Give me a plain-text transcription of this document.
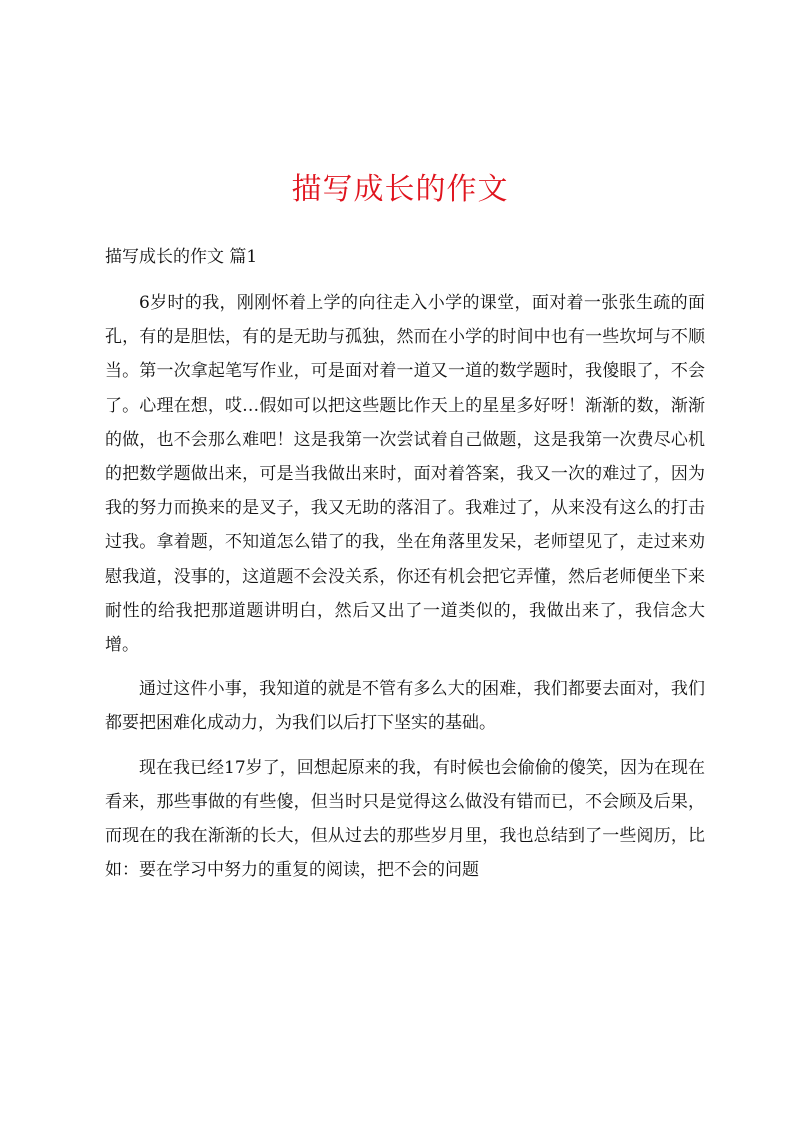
描写成长的作文
描写成长的作文 篇1

6岁时的我，刚刚怀着上学的向往走入小学的课堂，面对着一张张生疏的面孔，有的是胆怯，有的是无助与孤独，然而在小学的时间中也有一些坎坷与不顺当。第一次拿起笔写作业，可是面对着一道又一道的数学题时，我傻眼了，不会了。心理在想，哎…假如可以把这些题比作天上的星星多好呀！渐渐的数，渐渐的做，也不会那么难吧！这是我第一次尝试着自己做题，这是我第一次费尽心机的把数学题做出来，可是当我做出来时，面对着答案，我又一次的难过了，因为我的努力而换来的是叉子，我又无助的落泪了。我难过了，从来没有这么的打击过我。拿着题，不知道怎么错了的我，坐在角落里发呆，老师望见了，走过来劝慰我道，没事的，这道题不会没关系，你还有机会把它弄懂，然后老师便坐下来耐性的给我把那道题讲明白，然后又出了一道类似的，我做出来了，我信念大增。

通过这件小事，我知道的就是不管有多么大的困难，我们都要去面对，我们都要把困难化成动力，为我们以后打下坚实的基础。

现在我已经17岁了，回想起原来的我，有时候也会偷偷的傻笑，因为在现在看来，那些事做的有些傻，但当时只是觉得这么做没有错而已，不会顾及后果，而现在的我在渐渐的长大，但从过去的那些岁月里，我也总结到了一些阅历，比如：要在学习中努力的重复的阅读，把不会的问题
